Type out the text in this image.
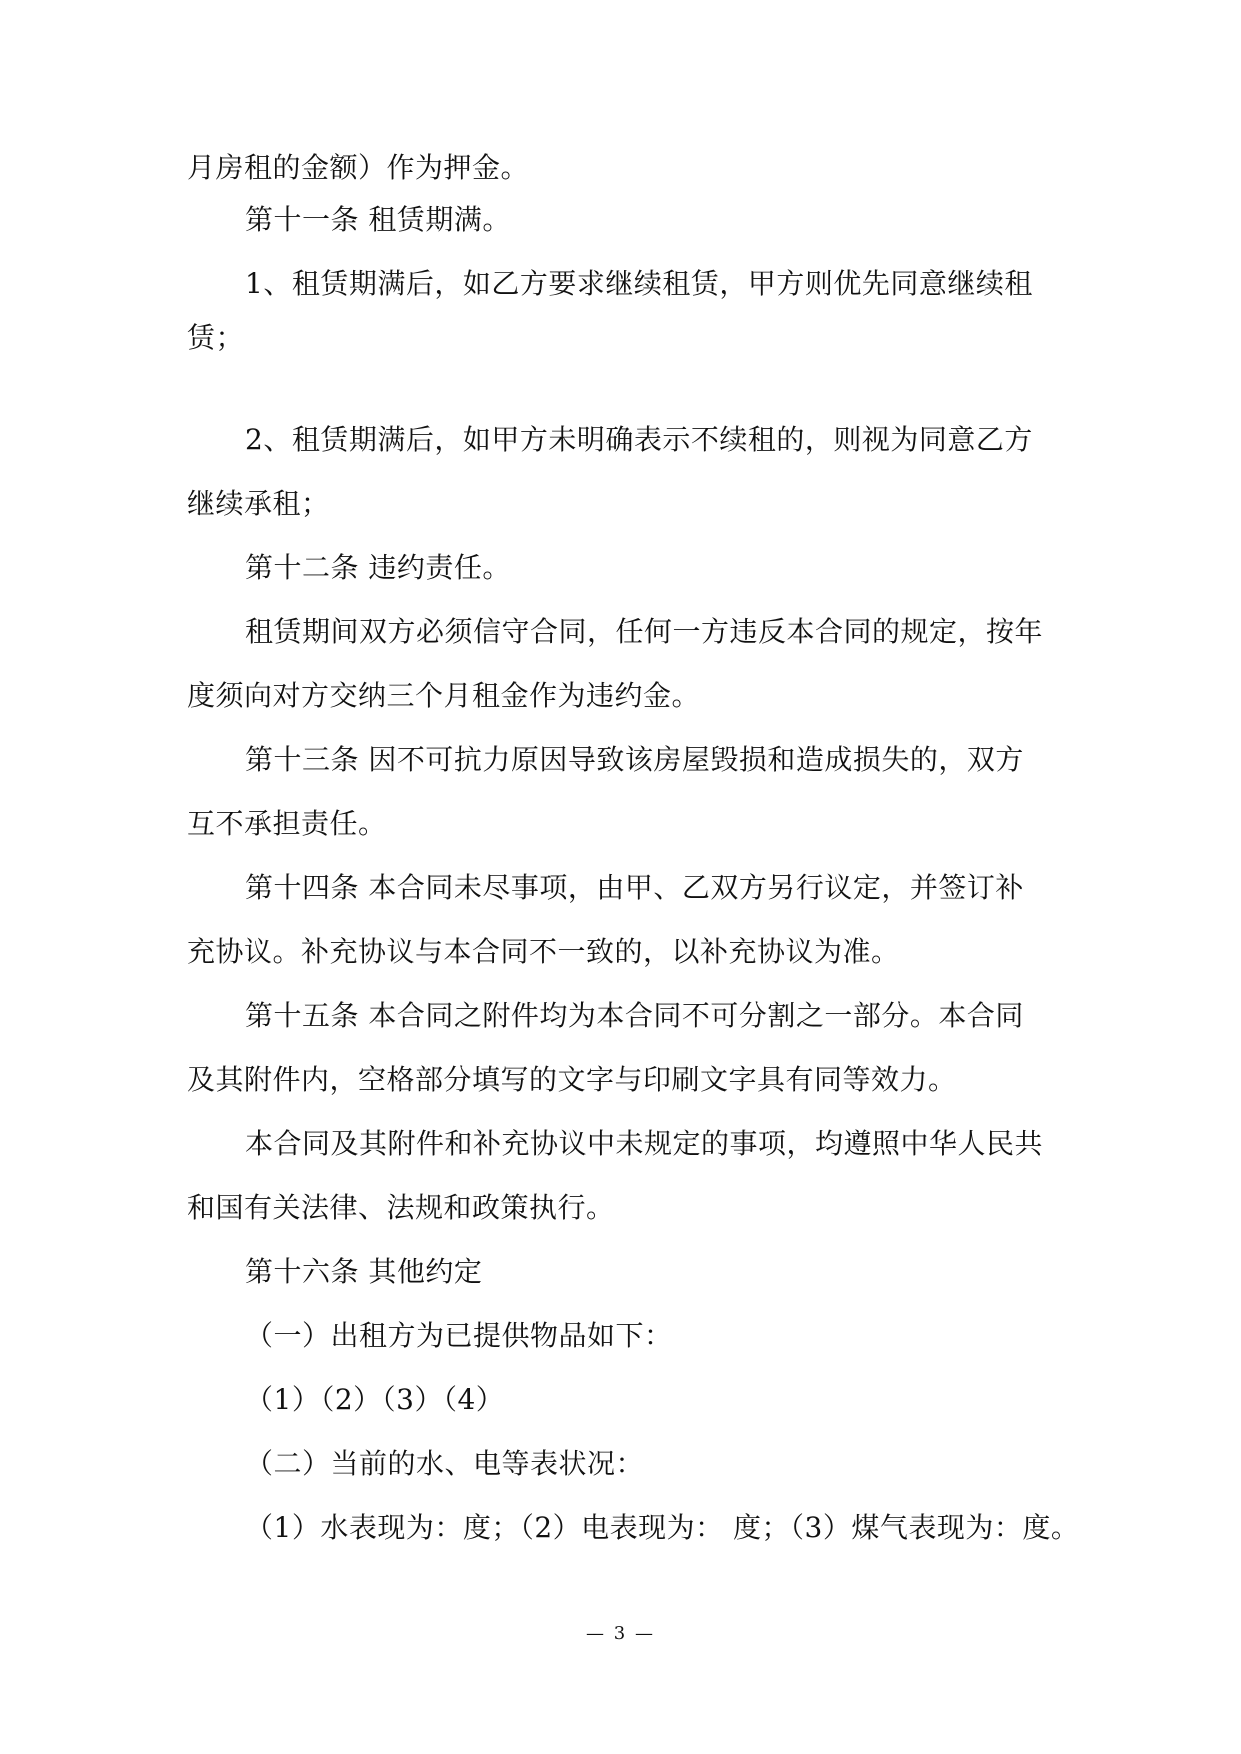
月房租的金额）作为押金。
第十一条 租赁期满。
1、租赁期满后，如乙方要求继续租赁，甲方则优先同意继续租
赁；
2、租赁期满后，如甲方未明确表示不续租的，则视为同意乙方
继续承租；
第十二条 违约责任。
租赁期间双方必须信守合同，任何一方违反本合同的规定，按年
度须向对方交纳三个月租金作为违约金。
第十三条 因不可抗力原因导致该房屋毁损和造成损失的，双方
互不承担责任。
第十四条 本合同未尽事项，由甲、乙双方另行议定，并签订补
充协议。补充协议与本合同不一致的，以补充协议为准。
第十五条 本合同之附件均为本合同不可分割之一部分。本合同
及其附件内，空格部分填写的文字与印刷文字具有同等效力。
本合同及其附件和补充协议中未规定的事项，均遵照中华人民共
和国有关法律、法规和政策执行。
第十六条 其他约定
（一）出租方为已提供物品如下：
（1）（2）（3）（4）
（二）当前的水、电等表状况：
（1）水表现为：度；（2）电表现为： 度；（3）煤气表现为：度。
— 3 —
